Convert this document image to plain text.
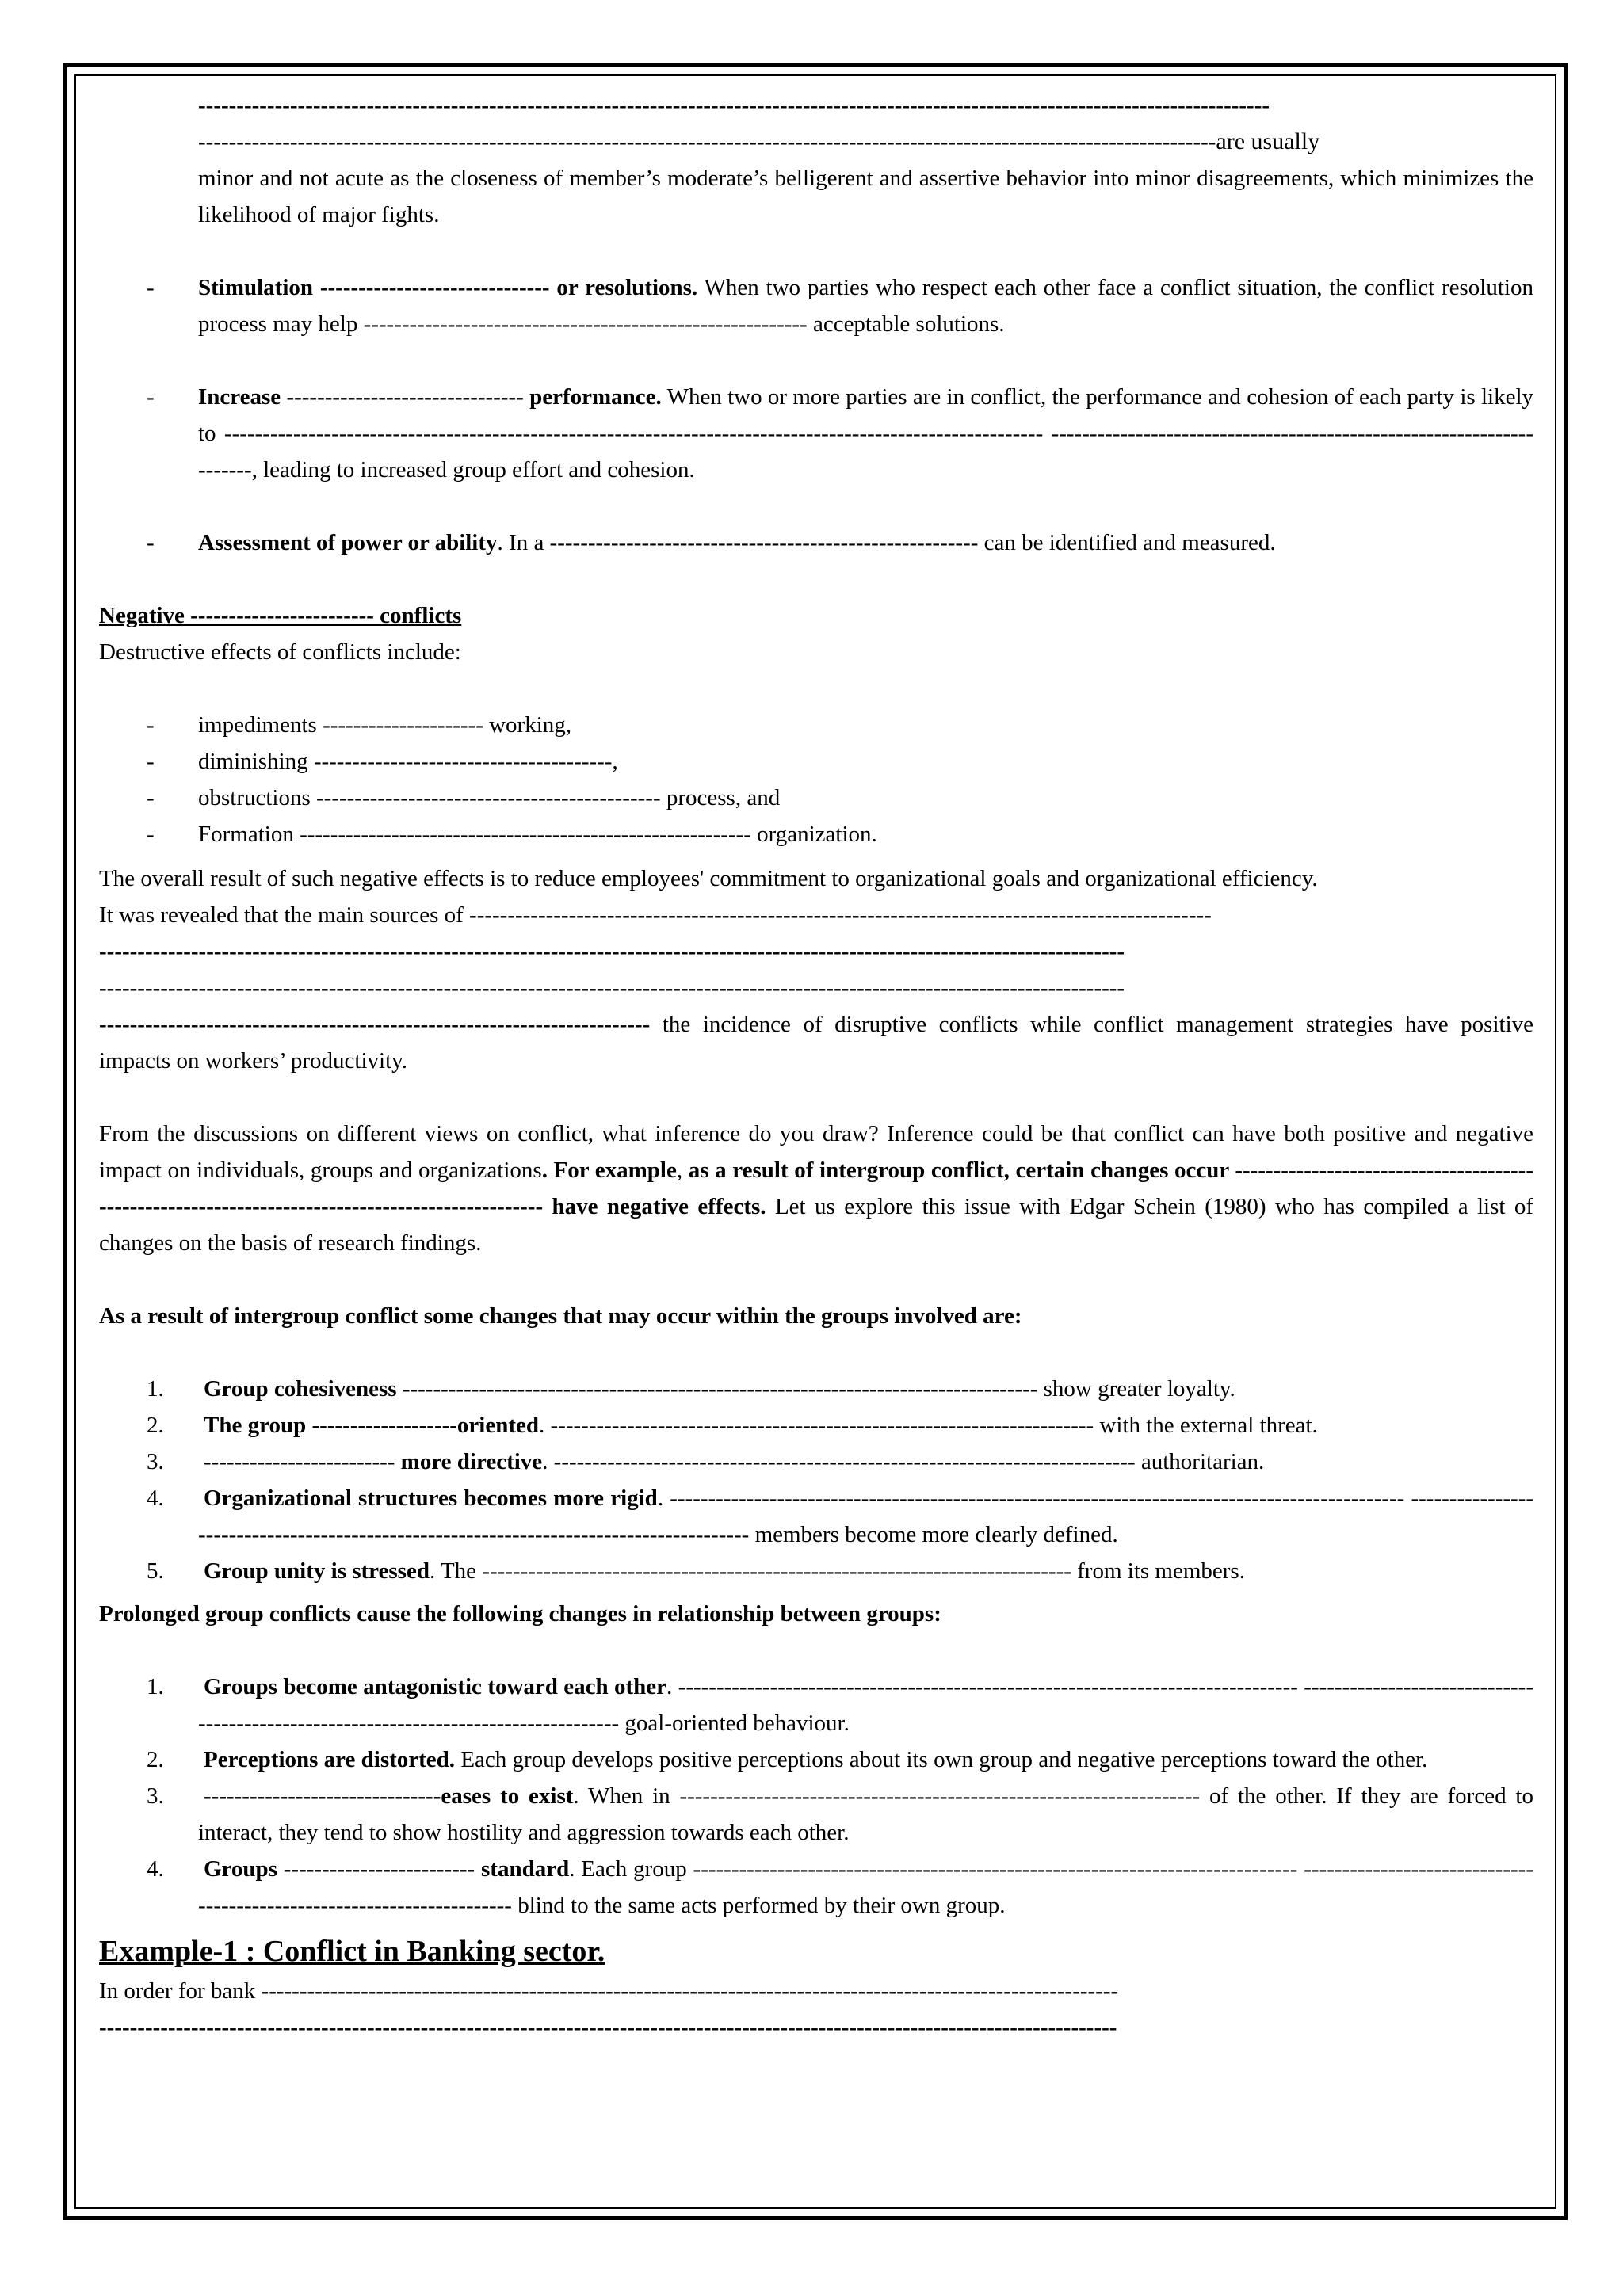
--------------------------------------------------------------------------------------------------------------------------------------------

-------------------------------------------------------------------------------------------------------------------------------------are usually

minor and not acute as the closeness of member’s moderate’s belligerent and assertive behavior into minor disagreements, which minimizes the likelihood of major fights.

- Stimulation ------------------------------ or resolutions. When two parties who respect each other face a conflict situation, the conflict resolution process may help ---------------------------------------------------------- acceptable solutions.

- Increase ------------------------------- performance. When two or more parties are in conflict, the performance and cohesion of each party is likely to ----------------------------------------------------------------------------------------------------------- ----------------------------------------------------------------------, leading to increased group effort and cohesion.

- Assessment of power or ability. In a -------------------------------------------------------- can be identified and measured.

Negative ------------------------ conflicts

Destructive effects of conflicts include:

- impediments --------------------- working,

- diminishing ---------------------------------------,

- obstructions --------------------------------------------- process, and

- Formation ----------------------------------------------------------- organization.

The overall result of such negative effects is to reduce employees' commitment to organizational goals and organizational efficiency.

It was revealed that the main sources of -------------------------------------------------------------------------------------------------

--------------------------------------------------------------------------------------------------------------------------------------

--------------------------------------------------------------------------------------------------------------------------------------

------------------------------------------------------------------------ the incidence of disruptive conflicts while conflict management strategies have positive impacts on workers’ productivity.

From the discussions on different views on conflict, what inference do you draw? Inference could be that conflict can have both positive and negative impact on individuals, groups and organizations. For example, as a result of intergroup conflict, certain changes occur ------------------------------------------------------------------------------------------------- have negative effects. Let us explore this issue with Edgar Schein (1980) who has compiled a list of changes on the basis of research findings.

As a result of intergroup conflict some changes that may occur within the groups involved are:

1. Group cohesiveness ----------------------------------------------------------------------------------- show greater loyalty.

2. The group -------------------oriented. ----------------------------------------------------------------------- with the external threat.

3. ------------------------- more directive. ---------------------------------------------------------------------------- authoritarian.

4. Organizational structures becomes more rigid. ------------------------------------------------------------------------------------------------ ---------------------------------------------------------------------------------------- members become more clearly defined.

5. Group unity is stressed. The ----------------------------------------------------------------------------- from its members.

Prolonged group conflicts cause the following changes in relationship between groups:

1. Groups become antagonistic toward each other. --------------------------------------------------------------------------------- ------------------------------------------------------------------------------------- goal-oriented behaviour.

2. Perceptions are distorted. Each group develops positive perceptions about its own group and negative perceptions toward the other.

3. -------------------------------eases to exist. When in -------------------------------------------------------------------- of the other. If they are forced to interact, they tend to show hostility and aggression towards each other.

4. Groups ------------------------- standard. Each group ------------------------------------------------------------------------------- ----------------------------------------------------------------------- blind to the same acts performed by their own group.

Example-1 : Conflict in Banking sector.

In order for bank ----------------------------------------------------------------------------------------------------------------

-------------------------------------------------------------------------------------------------------------------------------------
